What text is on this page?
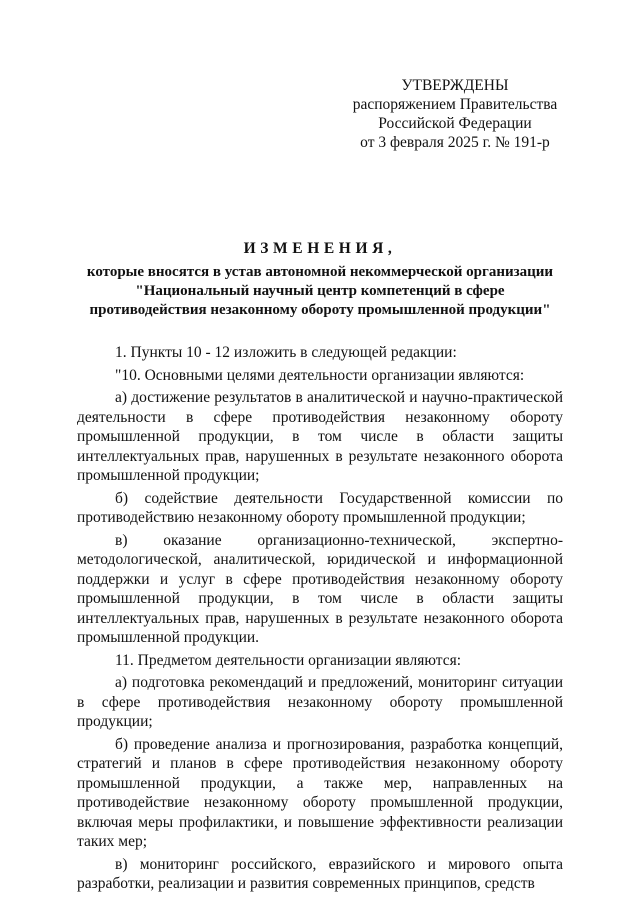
УТВЕРЖДЕНЫ
распоряжением Правительства
Российской Федерации
от 3 февраля 2025 г. № 191-р
ИЗМЕНЕНИЯ,
которые вносятся в устав автономной некоммерческой организации
"Национальный научный центр компетенций в сфере
противодействия незаконному обороту промышленной продукции"

1. Пункты 10 - 12 изложить в следующей редакции:

"10. Основными целями деятельности организации являются:

а) достижение результатов в аналитической и научно-практической деятельности в сфере противодействия незаконному обороту промышленной продукции, в том числе в области защиты интеллектуальных прав, нарушенных в результате незаконного оборота промышленной продукции;

б) содействие деятельности Государственной комиссии по противодействию незаконному обороту промышленной продукции;

в) оказание организационно-технической, экспертно-методологической, аналитической, юридической и информационной поддержки и услуг в сфере противодействия незаконному обороту промышленной продукции, в том числе в области защиты интеллектуальных прав, нарушенных в результате незаконного оборота промышленной продукции.

11. Предметом деятельности организации являются:

а) подготовка рекомендаций и предложений, мониторинг ситуации в сфере противодействия незаконному обороту промышленной продукции;

б) проведение анализа и прогнозирования, разработка концепций, стратегий и планов в сфере противодействия незаконному обороту промышленной продукции, а также мер, направленных на противодействие незаконному обороту промышленной продукции, включая меры профилактики, и повышение эффективности реализации таких мер;

в) мониторинг российского, евразийского и мирового опыта разработки, реализации и развития современных принципов, средств
